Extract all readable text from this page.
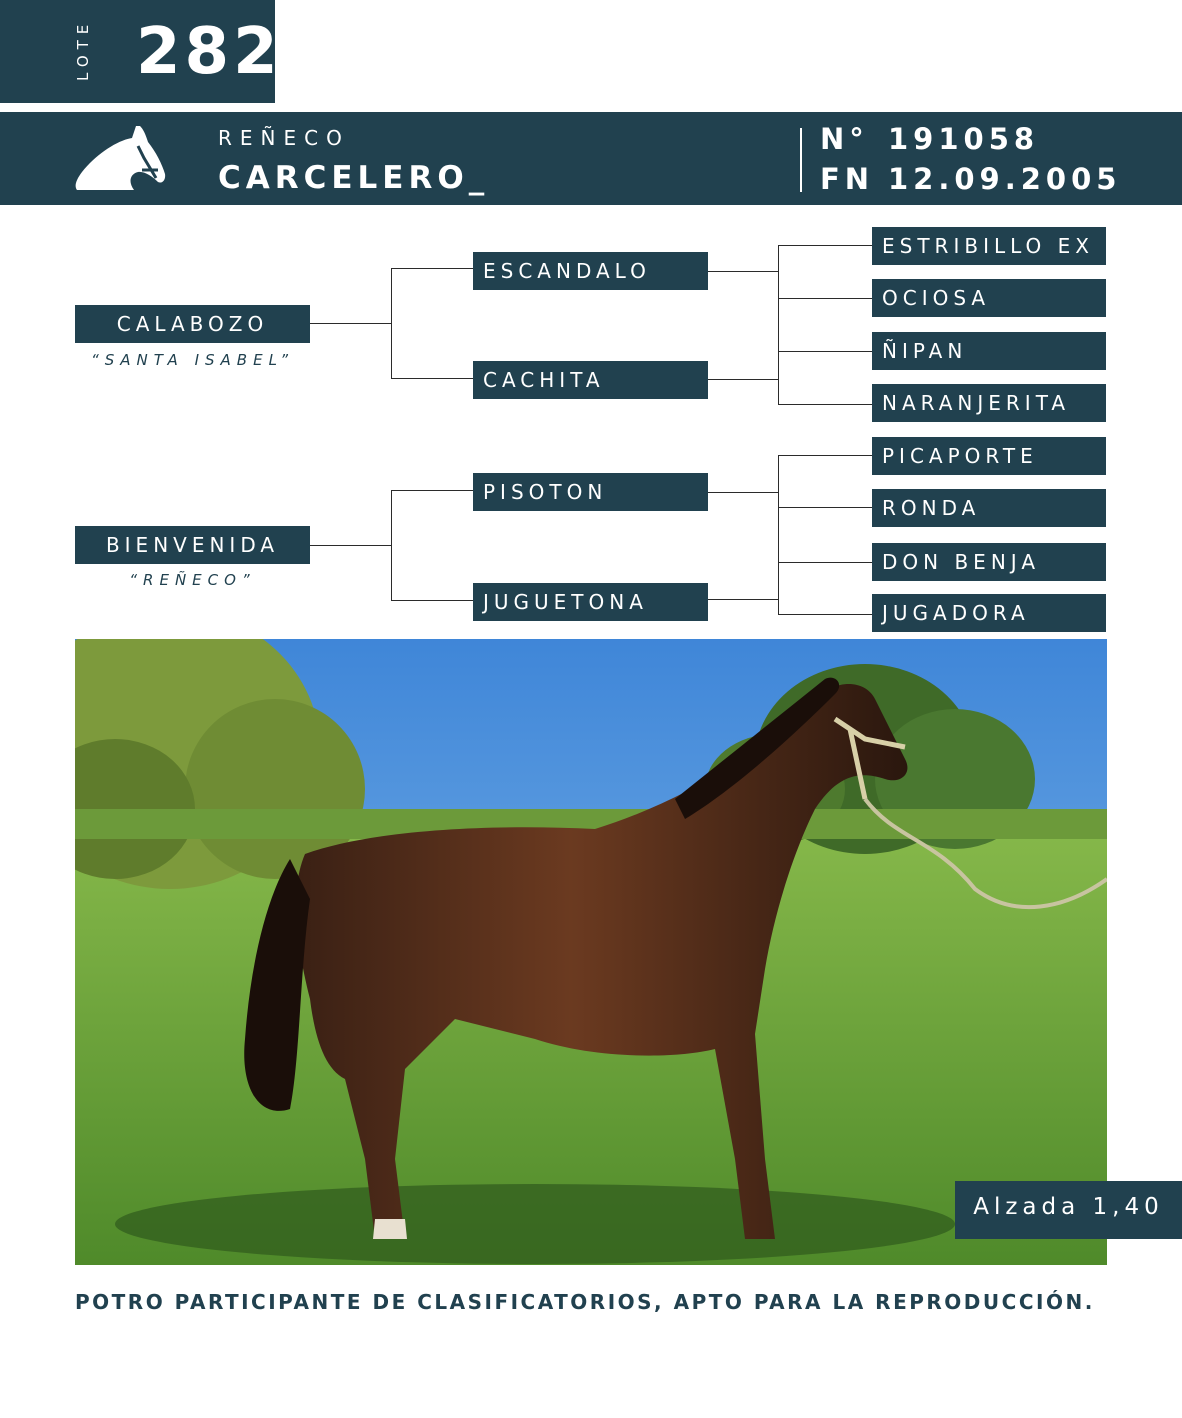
LOTE 282
REÑECO
CARCELERO_
N° 191058
FN 12.09.2005
CALABOZO
“SANTA ISABEL”
BIENVENIDA
“REÑECO”
ESCANDALO
CACHITA
PISOTON
JUGUETONA
ESTRIBILLO EX
OCIOSA
ÑIPAN
NARANJERITA
PICAPORTE
RONDA
DON BENJA
JUGADORA
Alzada 1,40
POTRO PARTICIPANTE DE CLASIFICATORIOS, APTO PARA LA REPRODUCCIÓN.
